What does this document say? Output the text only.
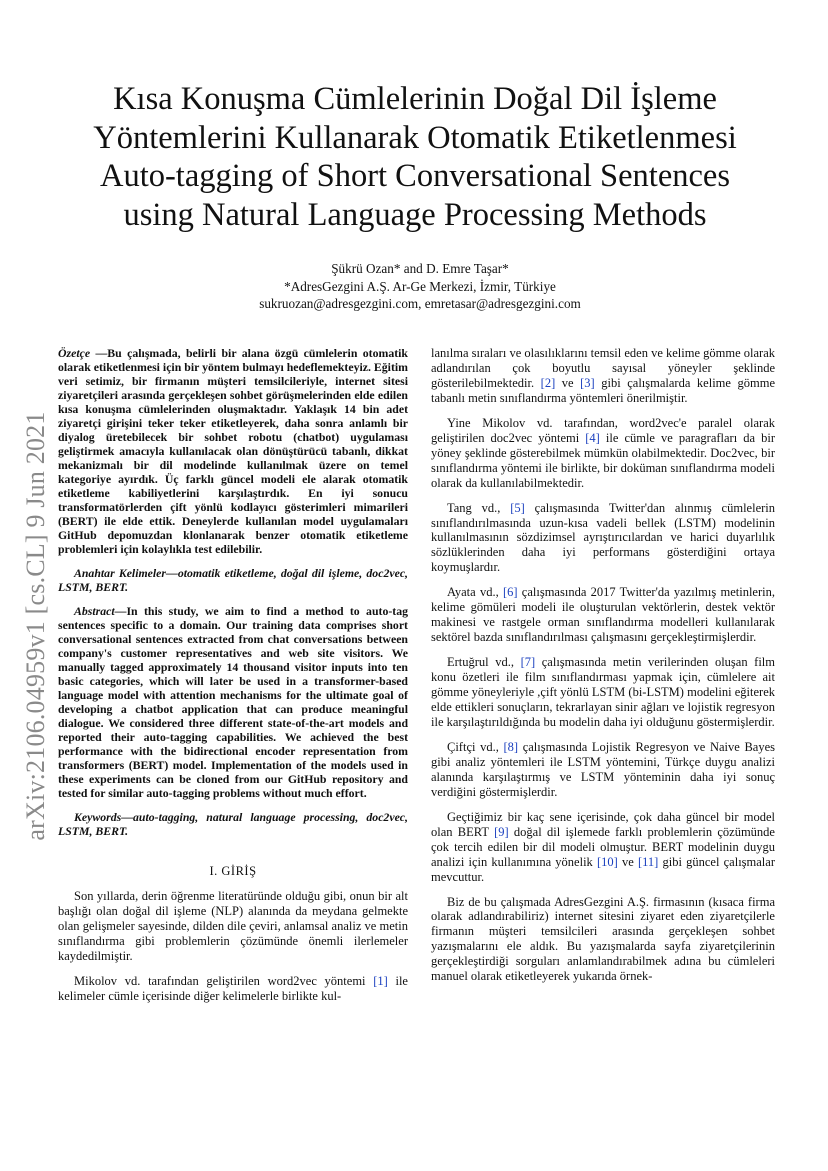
arXiv:2106.04959v1 [cs.CL] 9 Jun 2021
Kısa Konuşma Cümlelerinin Doğal Dil İşleme
Yöntemlerini Kullanarak Otomatik Etiketlenmesi
Auto-tagging of Short Conversational Sentences
using Natural Language Processing Methods
Şükrü Ozan* and D. Emre Taşar*
*AdresGezgini A.Ş. Ar-Ge Merkezi, İzmir, Türkiye
sukruozan@adresgezgini.com, emretasar@adresgezgini.com

Özetçe —Bu çalışmada, belirli bir alana özgü cümlelerin otomatik olarak etiketlenmesi için bir yöntem bulmayı hedeflemekteyiz. Eğitim veri setimiz, bir firmanın müşteri temsilcileriyle, internet sitesi ziyaretçileri arasında gerçekleşen sohbet görüşmelerinden elde edilen kısa konuşma cümlelerinden oluşmaktadır. Yaklaşık 14 bin adet ziyaretçi girişini teker teker etiketleyerek, daha sonra anlamlı bir diyalog üretebilecek bir sohbet robotu (chatbot) uygulaması geliştirmek amacıyla kullanılacak olan dönüştürücü tabanlı, dikkat mekanizmalı bir dil modelinde kullanılmak üzere on temel kategoriye ayırdık. Üç farklı güncel modeli ele alarak otomatik etiketleme kabiliyetlerini karşılaştırdık. En iyi sonucu transformatörlerden çift yönlü kodlayıcı gösterimleri mimarileri (BERT) ile elde ettik. Deneylerde kullanılan model uygulamaları GitHub depomuzdan klonlanarak benzer otomatik etiketleme problemleri için kolaylıkla test edilebilir.

Anahtar Kelimeler—otomatik etiketleme, doğal dil işleme, doc2vec, LSTM, BERT.

Abstract—In this study, we aim to find a method to auto-tag sentences specific to a domain. Our training data comprises short conversational sentences extracted from chat conversations between company's customer representatives and web site visitors. We manually tagged approximately 14 thousand visitor inputs into ten basic categories, which will later be used in a transformer-based language model with attention mechanisms for the ultimate goal of developing a chatbot application that can produce meaningful dialogue. We considered three different state-of-the-art models and reported their auto-tagging capabilities. We achieved the best performance with the bidirectional encoder representation from transformers (BERT) model. Implementation of the models used in these experiments can be cloned from our GitHub repository and tested for similar auto-tagging problems without much effort.

Keywords—auto-tagging, natural language processing, doc2vec, LSTM, BERT.

I. GİRİŞ

Son yıllarda, derin öğrenme literatüründe olduğu gibi, onun bir alt başlığı olan doğal dil işleme (NLP) alanında da meydana gelmekte olan gelişmeler sayesinde, dilden dile çeviri, anlamsal analiz ve metin sınıflandırma gibi problemlerin çözümünde önemli ilerlemeler kaydedilmiştir.

Mikolov vd. tarafından geliştirilen word2vec yöntemi [1] ile kelimeler cümle içerisinde diğer kelimelerle birlikte kul-

lanılma sıraları ve olasılıklarını temsil eden ve kelime gömme olarak adlandırılan çok boyutlu sayısal yöneyler şeklinde gösterilebilmektedir. [2] ve [3] gibi çalışmalarda kelime gömme tabanlı metin sınıflandırma yöntemleri önerilmiştir.

Yine Mikolov vd. tarafından, word2vec'e paralel olarak geliştirilen doc2vec yöntemi [4] ile cümle ve paragrafları da bir yöney şeklinde gösterebilmek mümkün olabilmektedir. Doc2vec, bir sınıflandırma yöntemi ile birlikte, bir doküman sınıflandırma modeli olarak da kullanılabilmektedir.

Tang vd., [5] çalışmasında Twitter'dan alınmış cümlelerin sınıflandırılmasında uzun-kısa vadeli bellek (LSTM) modelinin kullanılmasının sözdizimsel ayrıştırıcılardan ve harici duyarlılık sözlüklerinden daha iyi performans gösterdiğini ortaya koymuşlardır.

Ayata vd., [6] çalışmasında 2017 Twitter'da yazılmış metinlerin, kelime gömüleri modeli ile oluşturulan vektörlerin, destek vektör makinesi ve rastgele orman sınıflandırma modelleri kullanılarak sektörel bazda sınıflandırılması çalışmasını gerçekleştirmişlerdir.

Ertuğrul vd., [7] çalışmasında metin verilerinden oluşan film konu özetleri ile film sınıflandırması yapmak için, cümlelere ait gömme yöneyleriyle ,çift yönlü LSTM (bi-LSTM) modelini eğiterek elde ettikleri sonuçların, tekrarlayan sinir ağları ve lojistik regresyon ile karşılaştırıldığında bu modelin daha iyi olduğunu göstermişlerdir.

Çiftçi vd., [8] çalışmasında Lojistik Regresyon ve Naive Bayes gibi analiz yöntemleri ile LSTM yöntemini, Türkçe duygu analizi alanında karşılaştırmış ve LSTM yönteminin daha iyi sonuç verdiğini göstermişlerdir.

Geçtiğimiz bir kaç sene içerisinde, çok daha güncel bir model olan BERT [9] doğal dil işlemede farklı problemlerin çözümünde çok tercih edilen bir dil modeli olmuştur. BERT modelinin duygu analizi için kullanımına yönelik [10] ve [11] gibi güncel çalışmalar mevcuttur.

Biz de bu çalışmada AdresGezgini A.Ş. firmasının (kısaca firma olarak adlandırabiliriz) internet sitesini ziyaret eden ziyaretçilerle firmanın müşteri temsilcileri arasında gerçekleşen sohbet yazışmalarını ele aldık. Bu yazışmalarda sayfa ziyaretçilerinin gerçekleştirdiği sorguları anlamlandırabilmek adına bu cümleleri manuel olarak etiketleyerek yukarıda örnek-
